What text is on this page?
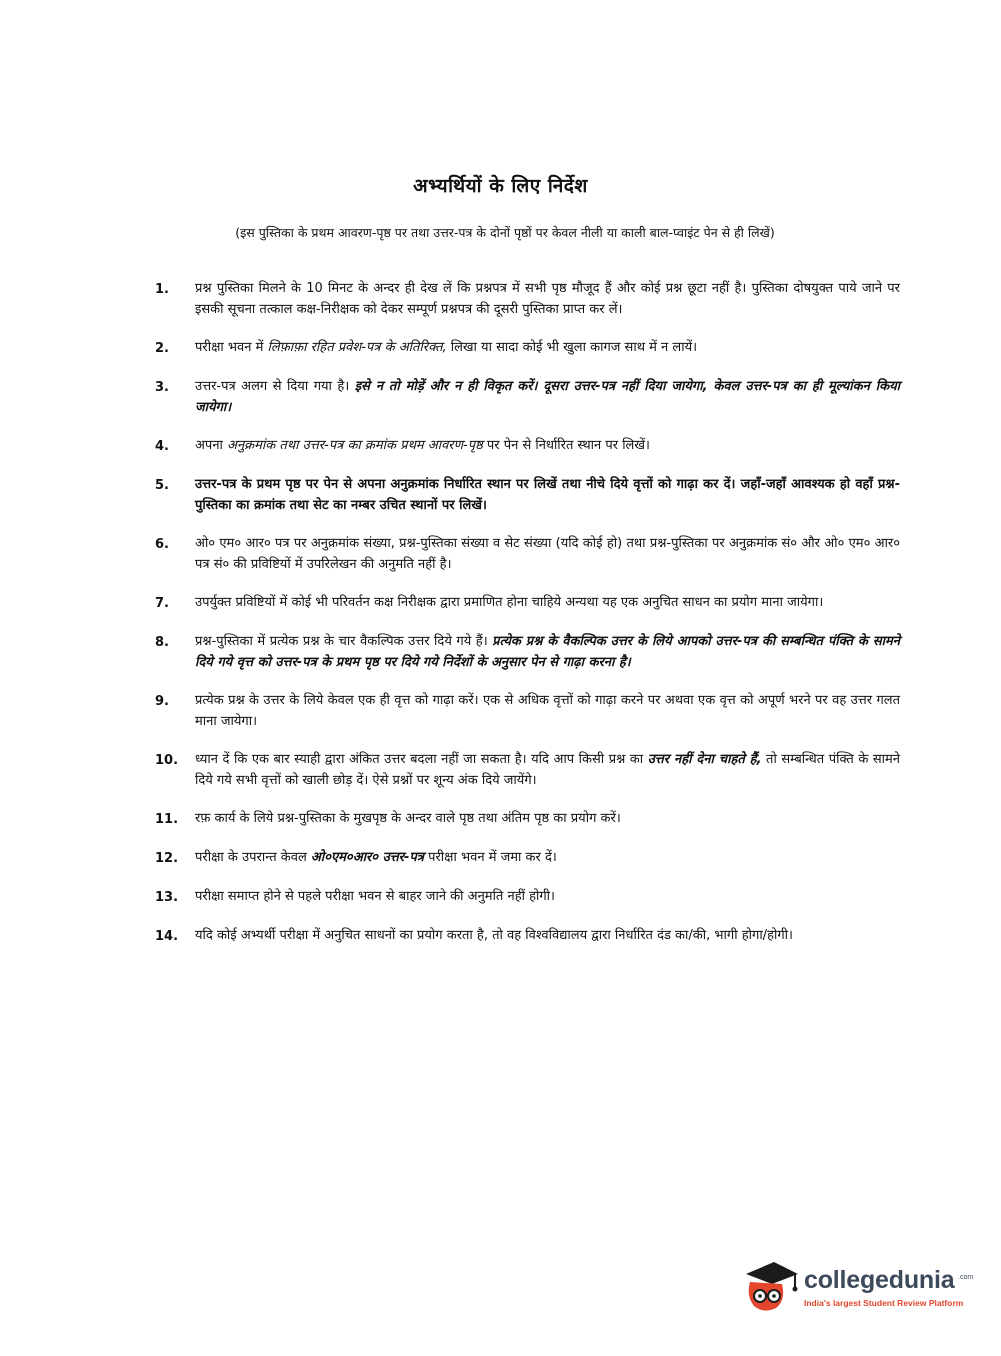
अभ्यर्थियों के लिए निर्देश
(इस पुस्तिका के प्रथम आवरण-पृष्ठ पर तथा उत्तर-पत्र के दोनों पृष्ठों पर केवल नीली या काली बाल-प्वाइंट पेन से ही लिखें)
1.	प्रश्न पुस्तिका मिलने के 10 मिनट के अन्दर ही देख लें कि प्रश्नपत्र में सभी पृष्ठ मौजूद हैं और कोई प्रश्न छूटा नहीं है। पुस्तिका दोषयुक्त पाये जाने पर इसकी सूचना तत्काल कक्ष-निरीक्षक को देकर सम्पूर्ण प्रश्नपत्र की दूसरी पुस्तिका प्राप्त कर लें।
2.	परीक्षा भवन में लिफ़ाफ़ा रहित प्रवेश-पत्र के अतिरिक्त, लिखा या सादा कोई भी खुला कागज साथ में न लायें।
3.	उत्तर-पत्र अलग से दिया गया है। इसे न तो मोड़ें और न ही विकृत करें। दूसरा उत्तर-पत्र नहीं दिया जायेगा, केवल उत्तर-पत्र का ही मूल्यांकन किया जायेगा।
4.	अपना अनुक्रमांक तथा उत्तर-पत्र का क्रमांक प्रथम आवरण-पृष्ठ पर पेन से निर्धारित स्थान पर लिखें।
5.	उत्तर-पत्र के प्रथम पृष्ठ पर पेन से अपना अनुक्रमांक निर्धारित स्थान पर लिखें तथा नीचे दिये वृत्तों को गाढ़ा कर दें। जहाँ-जहाँ आवश्यक हो वहाँ प्रश्न-पुस्तिका का क्रमांक तथा सेट का नम्बर उचित स्थानों पर लिखें।
6.	ओ० एम० आर० पत्र पर अनुक्रमांक संख्या, प्रश्न-पुस्तिका संख्या व सेट संख्या (यदि कोई हो) तथा प्रश्न-पुस्तिका पर अनुक्रमांक सं० और ओ० एम० आर० पत्र सं० की प्रविष्टियों में उपरिलेखन की अनुमति नहीं है।
7.	उपर्युक्त प्रविष्टियों में कोई भी परिवर्तन कक्ष निरीक्षक द्वारा प्रमाणित होना चाहिये अन्यथा यह एक अनुचित साधन का प्रयोग माना जायेगा।
8.	प्रश्न-पुस्तिका में प्रत्येक प्रश्न के चार वैकल्पिक उत्तर दिये गये हैं। प्रत्येक प्रश्न के वैकल्पिक उत्तर के लिये आपको उत्तर-पत्र की सम्बन्धित पंक्ति के सामने दिये गये वृत्त को उत्तर-पत्र के प्रथम पृष्ठ पर दिये गये निर्देशों के अनुसार पेन से गाढ़ा करना है।
9.	प्रत्येक प्रश्न के उत्तर के लिये केवल एक ही वृत्त को गाढ़ा करें। एक से अधिक वृत्तों को गाढ़ा करने पर अथवा एक वृत्त को अपूर्ण भरने पर वह उत्तर गलत माना जायेगा।
10.	ध्यान दें कि एक बार स्याही द्वारा अंकित उत्तर बदला नहीं जा सकता है। यदि आप किसी प्रश्न का उत्तर नहीं देना चाहते हैं, तो सम्बन्धित पंक्ति के सामने दिये गये सभी वृत्तों को खाली छोड़ दें। ऐसे प्रश्नों पर शून्य अंक दिये जायेंगे।
11.	रफ़ कार्य के लिये प्रश्न-पुस्तिका के मुखपृष्ठ के अन्दर वाले पृष्ठ तथा अंतिम पृष्ठ का प्रयोग करें।
12.	परीक्षा के उपरान्त केवल ओ०एम०आर० उत्तर-पत्र परीक्षा भवन में जमा कर दें।
13.	परीक्षा समाप्त होने से पहले परीक्षा भवन से बाहर जाने की अनुमति नहीं होगी।
14.	यदि कोई अभ्यर्थी परीक्षा में अनुचित साधनों का प्रयोग करता है, तो वह विश्वविद्यालय द्वारा निर्धारित दंड का/की, भागी होगा/होगी।
collegedunia .com
India's largest Student Review Platform
